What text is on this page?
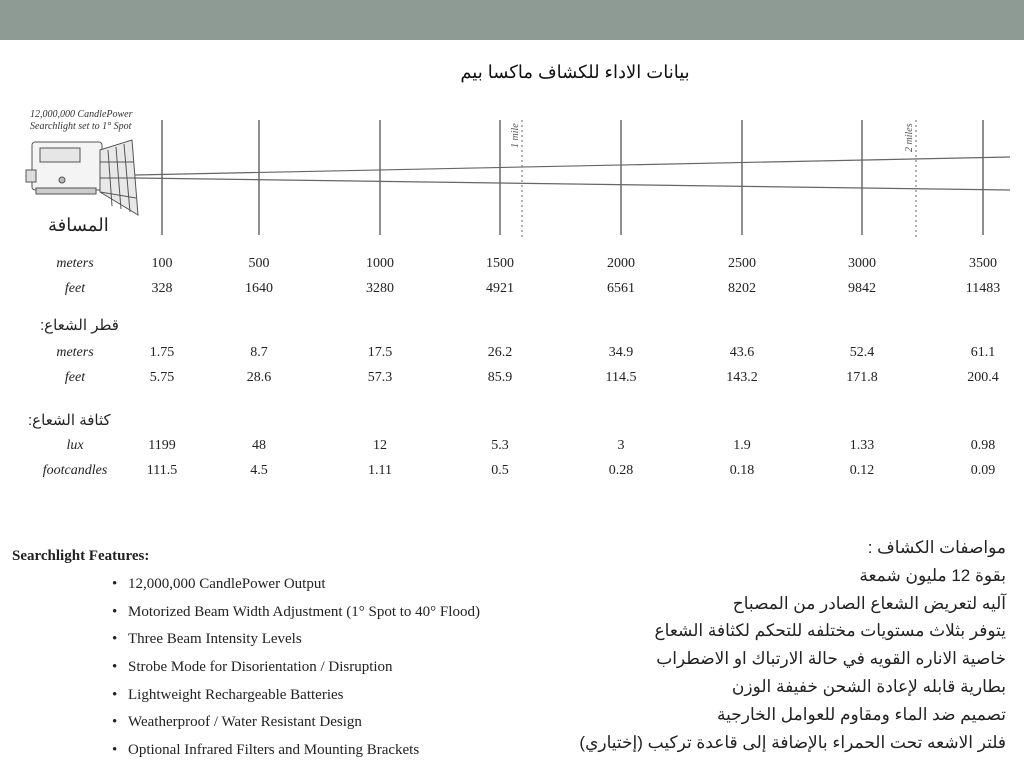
بيانات الاداء للكشاف ماكسا بيم
1 mile	2 miles
12,000,000 CandlePower
Searchlight set to 1° Spot
المسافة
قطر الشعاع:
كثافة الشعاع:
meters	100	500	1000	1500	2000	2500	3000	3500
feet	328	1640	3280	4921	6561	8202	9842	11483
meters	1.75	8.7	17.5	26.2	34.9	43.6	52.4	61.1
feet	5.75	28.6	57.3	85.9	114.5	143.2	171.8	200.4
lux	1199	48	12	5.3	3	1.9	1.33	0.98
footcandles	111.5	4.5	1.11	0.5	0.28	0.18	0.12	0.09
Searchlight Features:
• 12,000,000 CandlePower Output
• Motorized Beam Width Adjustment (1° Spot to 40° Flood)
• Three Beam Intensity Levels
• Strobe Mode for Disorientation / Disruption
• Lightweight Rechargeable Batteries
• Weatherproof / Water Resistant Design
• Optional Infrared Filters and Mounting Brackets
مواصفات الكشاف :
بقوة 12 مليون شمعة
آليه لتعريض الشعاع الصادر من المصباح
يتوفر بثلاث مستويات مختلفه للتحكم لكثافة الشعاع
خاصية الاناره القويه في حالة الارتباك او الاضطراب
بطارية قابله لإعادة الشحن خفيفة الوزن
تصميم ضد الماء ومقاوم للعوامل الخارجية
فلتر الاشعه تحت الحمراء بالإضافة إلى قاعدة تركيب (إختياري)
